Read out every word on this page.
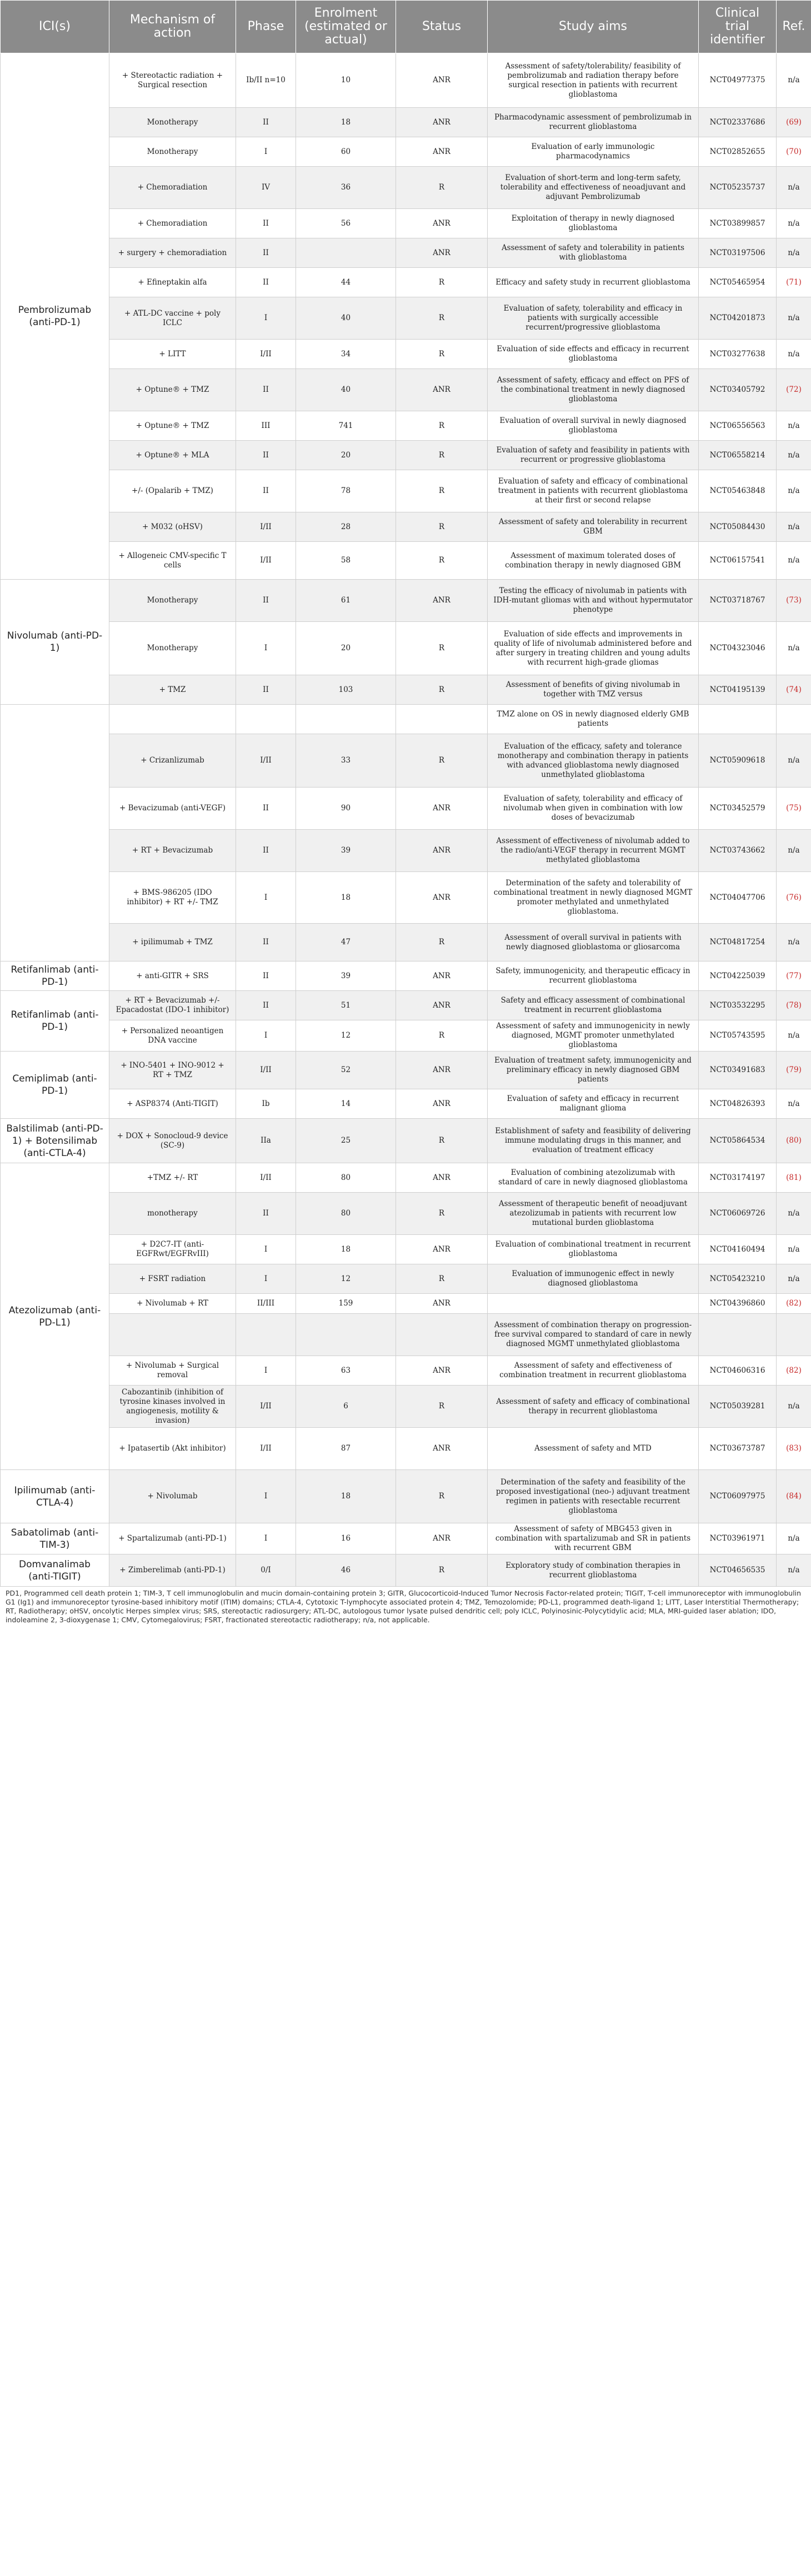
ICI(s)	Mechanism of action	Phase	Enrolment (estimated or actual)	Status	Study aims	Clinical trial identifier	Ref.
Pembrolizumab (anti-PD-1)	+ Stereotactic radiation + Surgical resection	Ib/II n=10	10	ANR	Assessment of safety/tolerability/ feasibility of pembrolizumab and radiation therapy before surgical resection in patients with recurrent glioblastoma	NCT04977375	n/a
	Monotherapy	II	18	ANR	Pharmacodynamic assessment of pembrolizumab in recurrent glioblastoma	NCT02337686	(69)
	Monotherapy	I	60	ANR	Evaluation of early immunologic pharmacodynamics	NCT02852655	(70)
	+ Chemoradiation	IV	36	R	Evaluation of short-term and long-term safety, tolerability and effectiveness of neoadjuvant and adjuvant Pembrolizumab	NCT05235737	n/a
	+ Chemoradiation	II	56	ANR	Exploitation of therapy in newly diagnosed glioblastoma	NCT03899857	n/a
	+ surgery + chemoradiation	II		ANR	Assessment of safety and tolerability in patients with glioblastoma	NCT03197506	n/a
	+ Efineptakin alfa	II	44	R	Efficacy and safety study in recurrent glioblastoma	NCT05465954	(71)
	+ ATL-DC vaccine + poly ICLC	I	40	R	Evaluation of safety, tolerability and efficacy in patients with surgically accessible recurrent/progressive glioblastoma	NCT04201873	n/a
	+ LITT	I/II	34	R	Evaluation of side effects and efficacy in recurrent glioblastoma	NCT03277638	n/a
	+ Optune® + TMZ	II	40	ANR	Assessment of safety, efficacy and effect on PFS of the combinational treatment in newly diagnosed glioblastoma	NCT03405792	(72)
	+ Optune® + TMZ	III	741	R	Evaluation of overall survival in newly diagnosed glioblastoma	NCT06556563	n/a
	+ Optune® + MLA	II	20	R	Evaluation of safety and feasibility in patients with recurrent or progressive glioblastoma	NCT06558214	n/a
	+/- (Opalarib + TMZ)	II	78	R	Evaluation of safety and efficacy of combinational treatment in patients with recurrent glioblastoma at their first or second relapse	NCT05463848	n/a
	+ M032 (oHSV)	I/II	28	R	Assessment of safety and tolerability in recurrent GBM	NCT05084430	n/a
	+ Allogeneic CMV-specific T cells	I/II	58	R	Assessment of maximum tolerated doses of combination therapy in newly diagnosed GBM	NCT06157541	n/a
Nivolumab (anti-PD-1)	Monotherapy	II	61	ANR	Testing the efficacy of nivolumab in patients with IDH-mutant gliomas with and without hypermutator phenotype	NCT03718767	(73)
	Monotherapy	I	20	R	Evaluation of side effects and improvements in quality of life of nivolumab administered before and after surgery in treating children and young adults with recurrent high-grade gliomas	NCT04323046	n/a
	+ TMZ	II	103	R	Assessment of benefits of giving nivolumab in together with TMZ versus	NCT04195139	(74)
					TMZ alone on OS in newly diagnosed elderly GMB patients		
	+ Crizanlizumab	I/II	33	R	Evaluation of the efficacy, safety and tolerance monotherapy and combination therapy in patients with advanced glioblastoma newly diagnosed unmethylated glioblastoma	NCT05909618	n/a
	+ Bevacizumab (anti-VEGF)	II	90	ANR	Evaluation of safety, tolerability and efficacy of nivolumab when given in combination with low doses of bevacizumab	NCT03452579	(75)
	+ RT + Bevacizumab	II	39	ANR	Assessment of effectiveness of nivolumab added to the radio/anti-VEGF therapy in recurrent MGMT methylated glioblastoma	NCT03743662	n/a
	+ BMS-986205 (IDO inhibitor) + RT +/- TMZ	I	18	ANR	Determination of the safety and tolerability of combinational treatment in newly diagnosed MGMT promoter methylated and unmethylated glioblastoma.	NCT04047706	(76)
	+ ipilimumab + TMZ	II	47	R	Assessment of overall survival in patients with newly diagnosed glioblastoma or gliosarcoma	NCT04817254	n/a
Retifanlimab (anti-PD-1)	+ anti-GITR + SRS	II	39	ANR	Safety, immunogenicity, and therapeutic efficacy in recurrent glioblastoma	NCT04225039	(77)
Retifanlimab (anti-PD-1)	+ RT + Bevacizumab +/- Epacadostat (IDO-1 inhibitor)	II	51	ANR	Safety and efficacy assessment of combinational treatment in recurrent glioblastoma	NCT03532295	(78)
	+ Personalized neoantigen DNA vaccine	I	12	R	Assessment of safety and immunogenicity in newly diagnosed, MGMT promoter unmethylated glioblastoma	NCT05743595	n/a
Cemiplimab (anti-PD-1)	+ INO-5401 + INO-9012 + RT + TMZ	I/II	52	ANR	Evaluation of treatment safety, immunogenicity and preliminary efficacy in newly diagnosed GBM patients	NCT03491683	(79)
	+ ASP8374 (Anti-TIGIT)	Ib	14	ANR	Evaluation of safety and efficacy in recurrent malignant glioma	NCT04826393	n/a
Balstilimab (anti-PD-1) + Botensilimab (anti-CTLA-4)	+ DOX + Sonocloud-9 device (SC-9)	IIa	25	R	Establishment of safety and feasibility of delivering immune modulating drugs in this manner, and evaluation of treatment efficacy	NCT05864534	(80)
Atezolizumab (anti-PD-L1)	+TMZ +/- RT	I/II	80	ANR	Evaluation of combining atezolizumab with standard of care in newly diagnosed glioblastoma	NCT03174197	(81)
	monotherapy	II	80	R	Assessment of therapeutic benefit of neoadjuvant atezolizumab in patients with recurrent low mutational burden glioblastoma	NCT06069726	n/a
	+ D2C7-IT (anti-EGFRwt/EGFRvIII)	I	18	ANR	Evaluation of combinational treatment in recurrent glioblastoma	NCT04160494	n/a
	+ FSRT radiation	I	12	R	Evaluation of immunogenic effect in newly diagnosed glioblastoma	NCT05423210	n/a
	+ Nivolumab + RT	II/III	159	ANR		NCT04396860	(82)
					Assessment of combination therapy on progression-free survival compared to standard of care in newly diagnosed MGMT unmethylated glioblastoma		
	+ Nivolumab + Surgical removal	I	63	ANR	Assessment of safety and effectiveness of combination treatment in recurrent glioblastoma	NCT04606316	(82)
	Cabozantinib (inhibition of tyrosine kinases involved in angiogenesis, motility & invasion)	I/II	6	R	Assessment of safety and efficacy of combinational therapy in recurrent glioblastoma	NCT05039281	n/a
	+ Ipatasertib (Akt inhibitor)	I/II	87	ANR	Assessment of safety and MTD	NCT03673787	(83)
Ipilimumab (anti-CTLA-4)	+ Nivolumab	I	18	R	Determination of the safety and feasibility of the proposed investigational (neo-) adjuvant treatment regimen in patients with resectable recurrent glioblastoma	NCT06097975	(84)
Sabatolimab (anti-TIM-3)	+ Spartalizumab (anti-PD-1)	I	16	ANR	Assessment of safety of MBG453 given in combination with spartalizumab and SR in patients with recurrent GBM	NCT03961971	n/a
Domvanalimab (anti-TIGIT)	+ Zimberelimab (anti-PD-1)	0/I	46	R	Exploratory study of combination therapies in recurrent glioblastoma	NCT04656535	n/a
PD1, Programmed cell death protein 1; TIM-3, T cell immunoglobulin and mucin domain-containing protein 3; GITR, Glucocorticoid-Induced Tumor Necrosis Factor-related protein; TIGIT, T-cell immunoreceptor with immunoglobulin G1 (Ig1) and immunoreceptor tyrosine-based inhibitory motif (ITIM) domains; CTLA-4, Cytotoxic T-lymphocyte associated protein 4; TMZ, Temozolomide; PD-L1, programmed death-ligand 1; LITT, Laser Interstitial Thermotherapy; RT, Radiotherapy; oHSV, oncolytic Herpes simplex virus; SRS, stereotactic radiosurgery; ATL-DC, autologous tumor lysate pulsed dendritic cell; poly ICLC, Polyinosinic-Polycytidylic acid; MLA, MRI-guided laser ablation; IDO, indoleamine 2, 3-dioxygenase 1; CMV, Cytomegalovirus; FSRT, fractionated stereotactic radiotherapy; n/a, not applicable.
